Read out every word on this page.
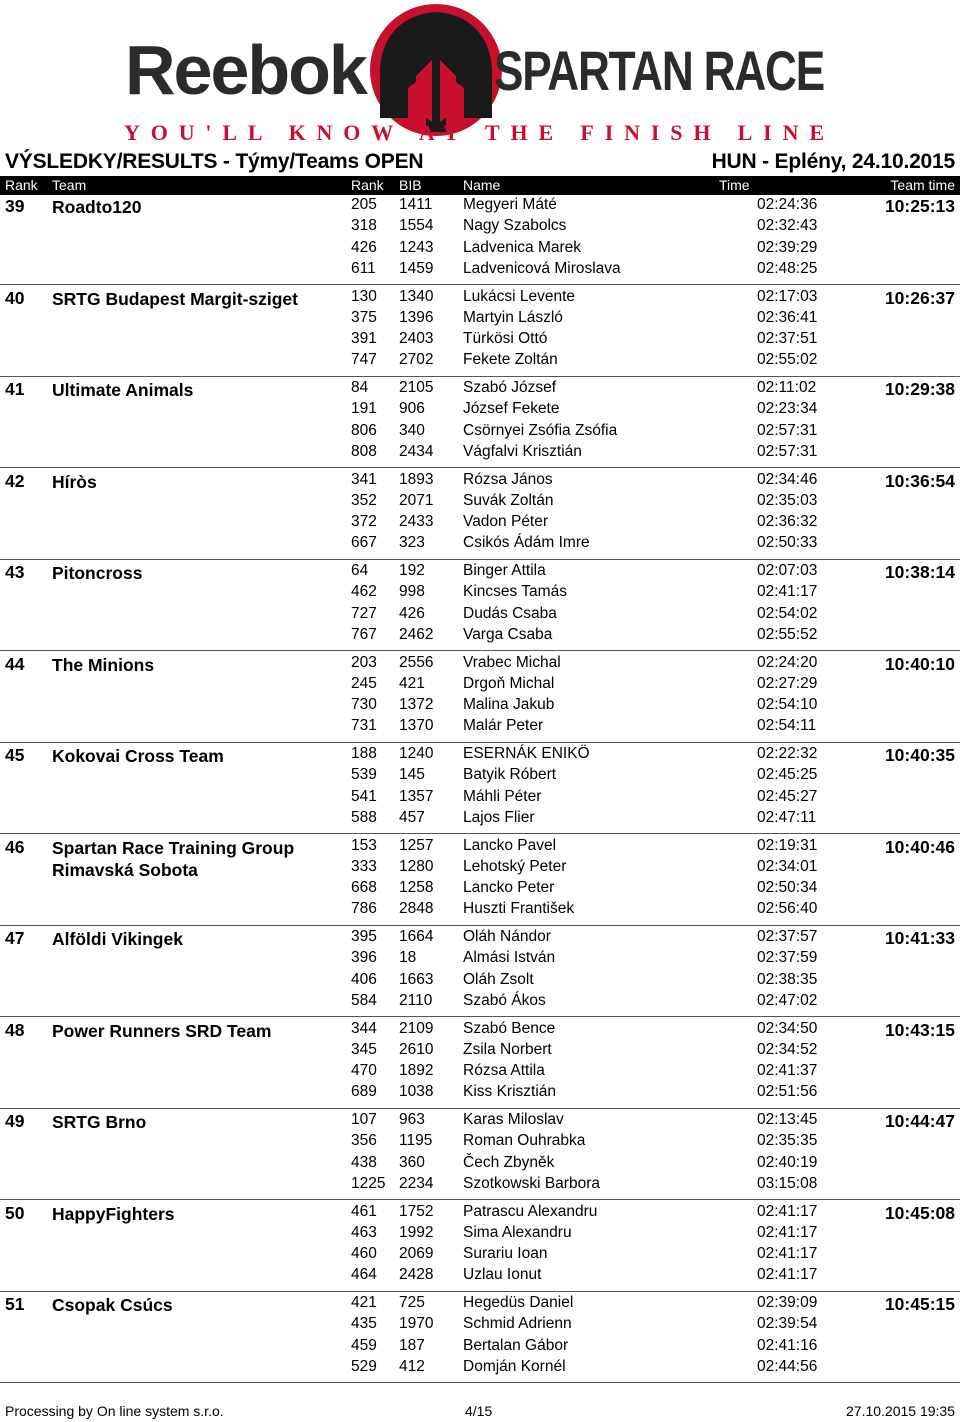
Reebok SPARTAN RACE
YOU'LL KNOW AT THE FINISH LINE
VÝSLEDKY/RESULTS - Týmy/Teams OPEN	HUN - Eplény, 24.10.2015
Rank Team	Rank BIB	Name	Time	Team time
39 Roadto120	10:25:13
205 1411 Megyeri Máté	02:24:36
318 1554 Nagy Szabolcs	02:32:43
426 1243 Ladvenica Marek	02:39:29
611 1459 Ladvenicová Miroslava	02:48:25
40 SRTG Budapest Margit-sziget	10:26:37
130 1340 Lukácsi Levente	02:17:03
375 1396 Martyin László	02:36:41
391 2403 Türkösi Ottó	02:37:51
747 2702 Fekete Zoltán	02:55:02
41 Ultimate Animals	10:29:38
84 2105 Szabó József	02:11:02
191 906 József Fekete	02:23:34
806 340 Csörnyei Zsófia Zsófia	02:57:31
808 2434 Vágfalvi Krisztián	02:57:31
42 Híròs	10:36:54
341 1893 Rózsa János	02:34:46
352 2071 Suvák Zoltán	02:35:03
372 2433 Vadon Péter	02:36:32
667 323 Csikós Ádám Imre	02:50:33
43 Pitoncross	10:38:14
64 192 Binger Attila	02:07:03
462 998 Kincses Tamás	02:41:17
727 426 Dudás Csaba	02:54:02
767 2462 Varga Csaba	02:55:52
44 The Minions	10:40:10
203 2556 Vrabec Michal	02:24:20
245 421 Drgoň Michal	02:27:29
730 1372 Malina Jakub	02:54:10
731 1370 Malár Peter	02:54:11
45 Kokovai Cross Team	10:40:35
188 1240 ESERNÁK ENIKÖ	02:22:32
539 145 Batyik Róbert	02:45:25
541 1357 Máhli Péter	02:45:27
588 457 Lajos Flier	02:47:11
46 Spartan Race Training Group Rimavská Sobota
10:40:46
153 1257 Lancko Pavel	02:19:31
333 1280 Lehotský Peter	02:34:01
668 1258 Lancko Peter	02:50:34
786 2848 Huszti František	02:56:40
47 Alföldi Vikingek	10:41:33
395 1664 Oláh Nándor	02:37:57
396 18	Almási István	02:37:59
406 1663 Oláh Zsolt	02:38:35
584 2110 Szabó Ákos	02:47:02
48 Power Runners SRD Team	10:43:15
344 2109 Szabó Bence	02:34:50
345 2610 Zsila Norbert	02:34:52
470 1892 Rózsa Attila	02:41:37
689 1038 Kiss Krisztián	02:51:56
49 SRTG Brno	10:44:47
107 963 Karas Miloslav	02:13:45
356 1195 Roman Ouhrabka	02:35:35
438 360 Čech Zbyněk	02:40:19
1225 2234 Szotkowski Barbora	03:15:08
50 HappyFighters	10:45:08
461 1752 Patrascu Alexandru	02:41:17
463 1992 Sima Alexandru	02:41:17
460 2069 Surariu Ioan	02:41:17
464 2428 Uzlau Ionut	02:41:17
51 Csopak Csúcs	10:45:15
421 725 Hegedüs Daniel	02:39:09
435 1970 Schmid Adrienn	02:39:54
459 187 Bertalan Gábor	02:41:16
529 412 Domján Kornél	02:44:56
Processing by On line system s.r.o.	4/15	27.10.2015 19:35
